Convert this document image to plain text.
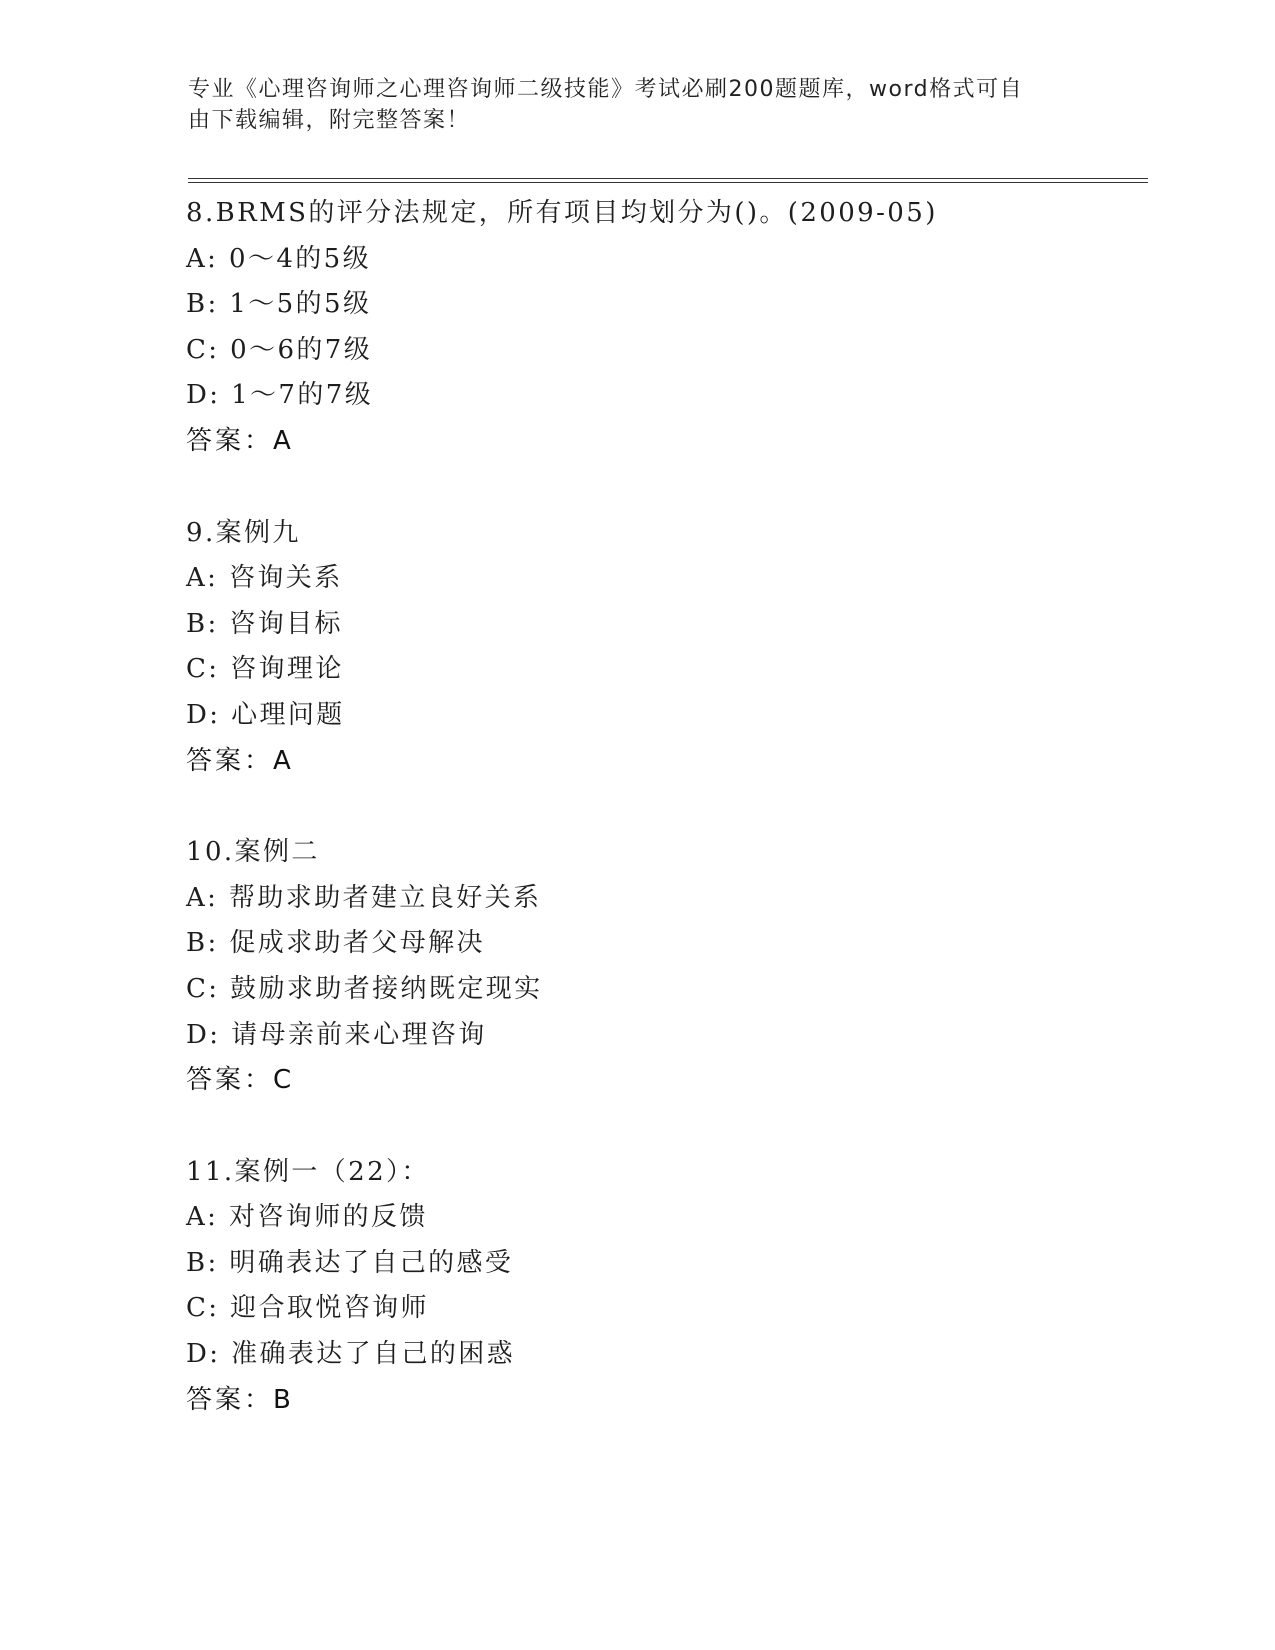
专业《心理咨询师之心理咨询师二级技能》考试必刷200题题库，word格式可自
由下载编辑，附完整答案！
8.BRMS的评分法规定，所有项目均划分为()。(2009-05)
A: 0～4的5级
B: 1～5的5级
C: 0～6的7级
D: 1～7的7级
答案：A
9.案例九
A: 咨询关系
B: 咨询目标
C: 咨询理论
D: 心理问题
答案：A
10.案例二
A: 帮助求助者建立良好关系
B: 促成求助者父母解决
C: 鼓励求助者接纳既定现实
D: 请母亲前来心理咨询
答案：C
11.案例一（22）：
A: 对咨询师的反馈
B: 明确表达了自己的感受
C: 迎合取悦咨询师
D: 准确表达了自己的困惑
答案：B
